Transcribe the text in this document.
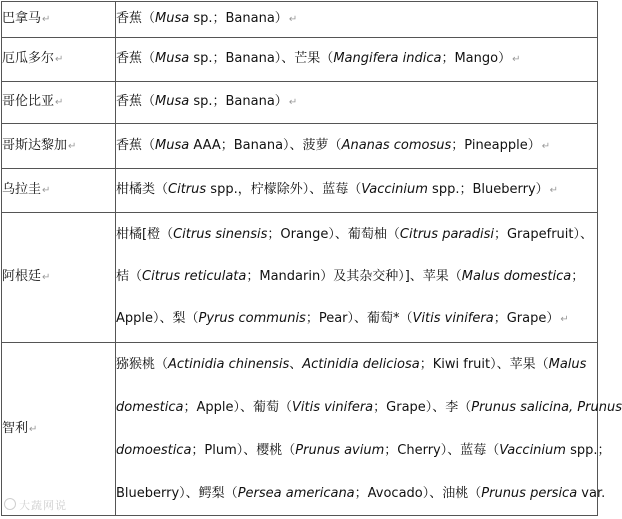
巴拿马↵	香蕉（Musa sp.；Banana）↵

厄瓜多尔↵	香蕉（Musa sp.；Banana）、芒果（Mangifera indica；Mango）↵

哥伦比亚↵	香蕉（Musa sp.；Banana）↵

哥斯达黎加↵	香蕉（Musa AAA；Banana）、菠萝（Ananas comosus；Pineapple）↵

乌拉圭↵	柑橘类（Citrus spp.，柠檬除外）、蓝莓（Vaccinium spp.；Blueberry）↵

阿根廷↵	柑橘[橙（Citrus sinensis；Orange）、葡萄柚（Citrus paradisi；Grapefruit）、
桔（Citrus reticulata；Mandarin）及其杂交种）]、苹果（Malus domestica；
Apple）、梨（Pyrus communis；Pear）、葡萄*（Vitis vinifera；Grape）↵

智利↵	猕猴桃（Actinidia chinensis、Actinidia deliciosa；Kiwi fruit）、苹果（Malus
domestica；Apple）、葡萄（Vitis vinifera；Grape）、李（Prunus salicina, Prunus
domoestica；Plum）、樱桃（Prunus avium；Cherry）、蓝莓（Vaccinium spp.；
Blueberry）、鳄梨（Persea americana；Avocado）、油桃（Prunus persica var.
大蔬网说
